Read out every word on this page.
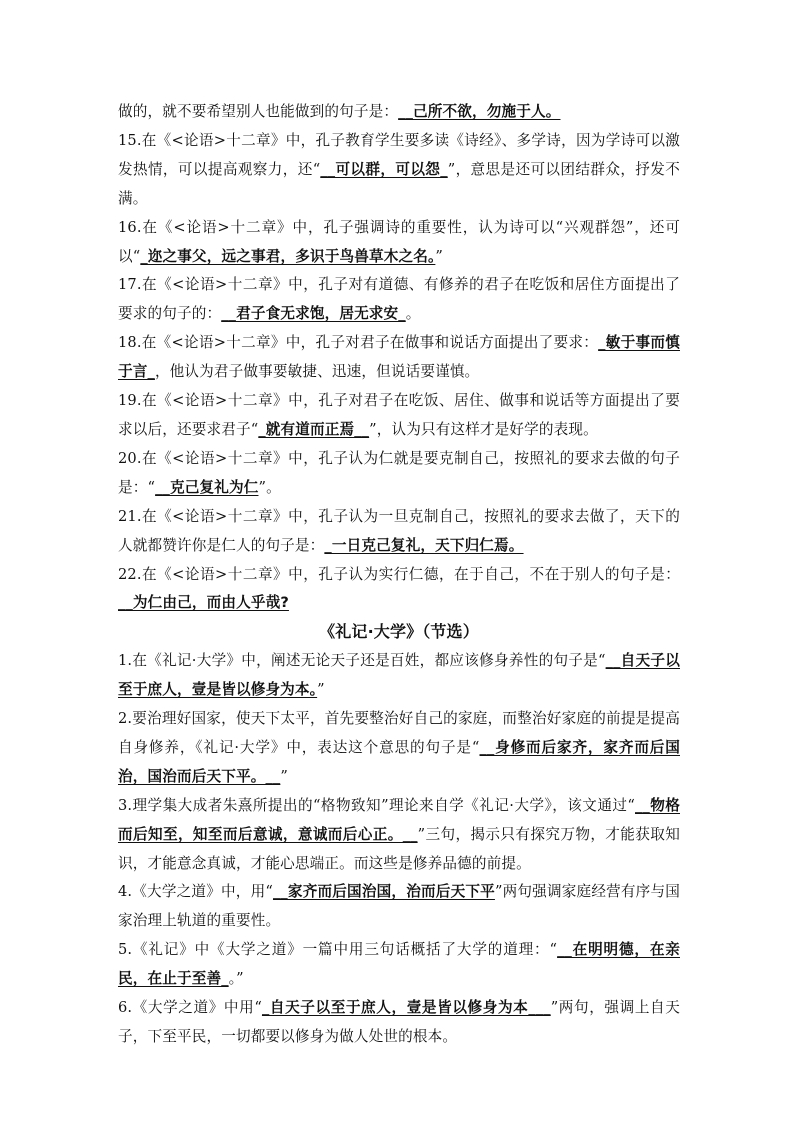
做的，就不要希望别人也能做到的句子是：__己所不欲，勿施于人。

15.在《<论语>十二章》中，孔子教育学生要多读《诗经》、多学诗，因为学诗可以激发热情，可以提高观察力，还“__可以群，可以怨_”，意思是还可以团结群众，抒发不满。

16.在《<论语>十二章》中，孔子强调诗的重要性，认为诗可以“兴观群怨”，还可以“_迩之事父，远之事君，多识于鸟兽草木之名。”

17.在《<论语>十二章》中，孔子对有道德、有修养的君子在吃饭和居住方面提出了要求的句子的：__君子食无求饱，居无求安_。

18.在《<论语>十二章》中，孔子对君子在做事和说话方面提出了要求：_敏于事而慎于言_，他认为君子做事要敏捷、迅速，但说话要谨慎。

19.在《<论语>十二章》中，孔子对君子在吃饭、居住、做事和说话等方面提出了要求以后，还要求君子“_就有道而正焉__”，认为只有这样才是好学的表现。

20.在《<论语>十二章》中，孔子认为仁就是要克制自己，按照礼的要求去做的句子是：“__克己复礼为仁”。

21.在《<论语>十二章》中，孔子认为一旦克制自己，按照礼的要求去做了，天下的人就都赞许你是仁人的句子是：_一日克己复礼，天下归仁焉。

22.在《<论语>十二章》中，孔子认为实行仁德，在于自己，不在于别人的句子是：__为仁由己，而由人乎哉?

《礼记·大学》（节选）

1.在《礼记·大学》中，阐述无论天子还是百姓，都应该修身养性的句子是“__自天子以至于庶人，壹是皆以修身为本。”

2.要治理好国家，使天下太平，首先要整治好自己的家庭，而整治好家庭的前提是提高自身修养，《礼记·大学》中，表达这个意思的句子是“__身修而后家齐，家齐而后国治，国治而后天下平。__”

3.理学集大成者朱熹所提出的“格物致知”理论来自学《礼记·大学》，该文通过“__物格而后知至，知至而后意诚，意诚而后心正。__”三句，揭示只有探究万物，才能获取知识，才能意念真诚，才能心思端正。而这些是修养品德的前提。

4.《大学之道》中，用“__家齐而后国治国，治而后天下平”两句强调家庭经营有序与国家治理上轨道的重要性。

5.《礼记》中《大学之道》一篇中用三句话概括了大学的道理：“__在明明德，在亲民，在止于至善_。”

6.《大学之道》中用“_自天子以至于庶人，壹是皆以修身为本___”两句，强调上自天子，下至平民，一切都要以修身为做人处世的根本。
